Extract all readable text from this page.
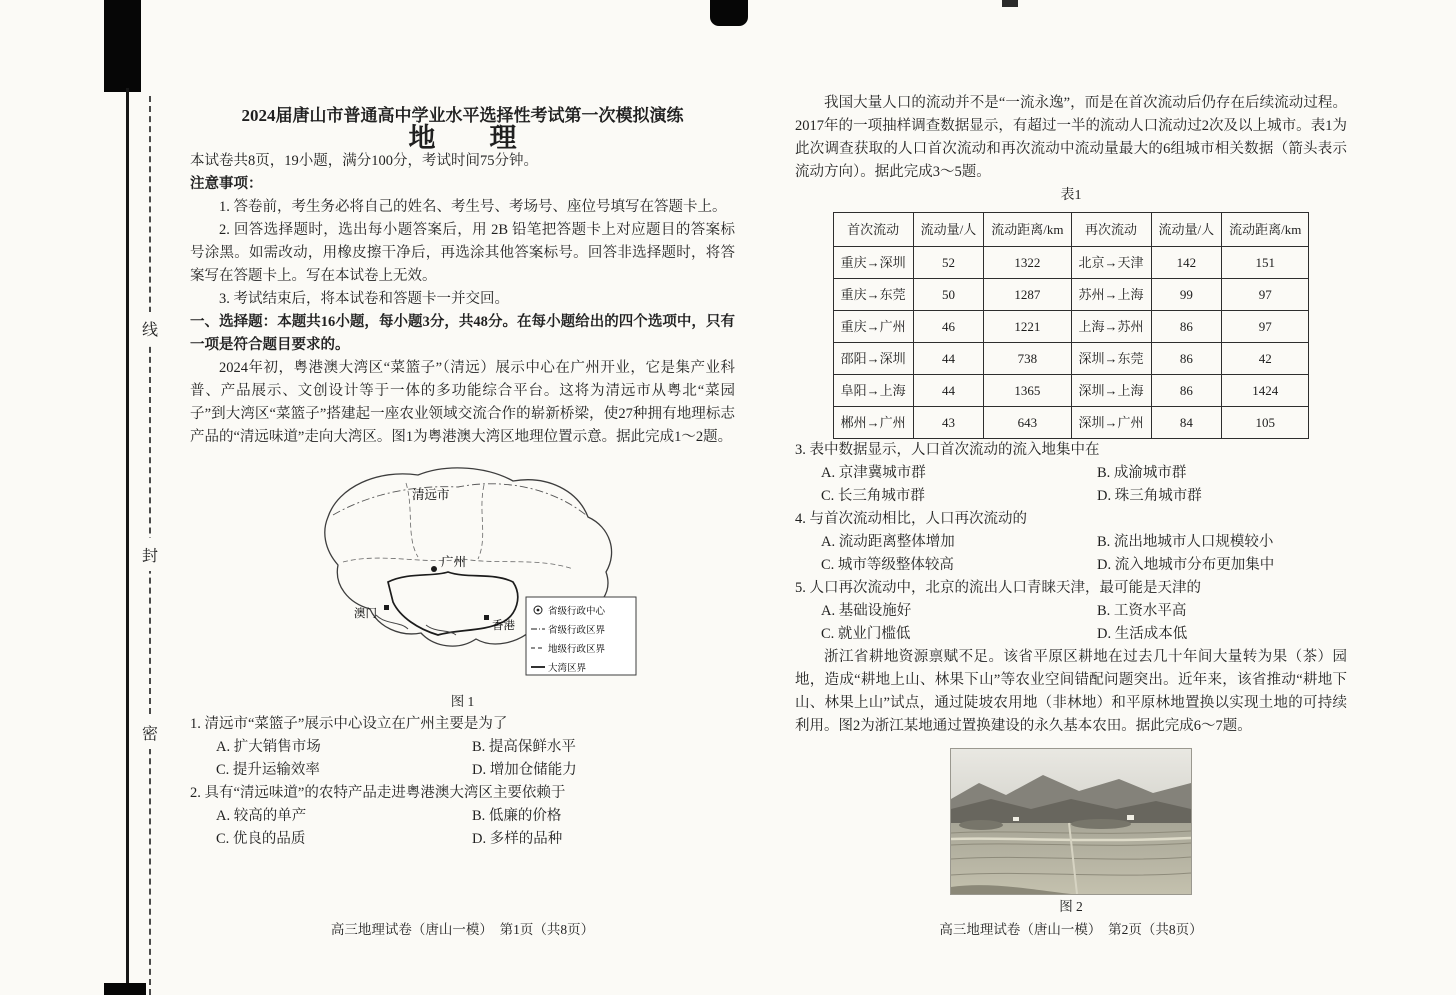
线
封
密

2024届唐山市普通高中学业水平选择性考试第一次模拟演练

地　　理

本试卷共8页，19小题，满分100分，考试时间75分钟。

注意事项：

1. 答卷前，考生务必将自己的姓名、考生号、考场号、座位号填写在答题卡上。

2. 回答选择题时，选出每小题答案后，用 2B 铅笔把答题卡上对应题目的答案标号涂黑。如需改动，用橡皮擦干净后，再选涂其他答案标号。回答非选择题时，将答案写在答题卡上。写在本试卷上无效。

3. 考试结束后，将本试卷和答题卡一并交回。

一、选择题：本题共16小题，每小题3分，共48分。在每小题给出的四个选项中，只有一项是符合题目要求的。

2024年初，粤港澳大湾区“菜篮子”（清远）展示中心在广州开业，它是集产业科普、产品展示、文创设计等于一体的多功能综合平台。这将为清远市从粤北“菜园子”到大湾区“菜篮子”搭建起一座农业领域交流合作的崭新桥梁，使27种拥有地理标志产品的“清远味道”走向大湾区。图1为粤港澳大湾区地理位置示意。据此完成1～2题。

清远市
广州
澳门
香港
省级行政中心
省级行政区界
地级行政区界
大湾区界

图 1

1. 清远市“菜篮子”展示中心设立在广州主要是为了

A. 扩大销售市场	B. 提高保鲜水平
C. 提升运输效率	D. 增加仓储能力

2. 具有“清远味道”的农特产品走进粤港澳大湾区主要依赖于

A. 较高的单产	B. 低廉的价格
C. 优良的品质	D. 多样的品种
高三地理试卷（唐山一模）　第1页（共8页）

我国大量人口的流动并不是“一流永逸”，而是在首次流动后仍存在后续流动过程。2017年的一项抽样调查数据显示，有超过一半的流动人口流动过2次及以上城市。表1为此次调查获取的人口首次流动和再次流动中流动量最大的6组城市相关数据（箭头表示流动方向）。据此完成3～5题。

表1

首次流动	流动量/人	流动距离/km	再次流动	流动量/人	流动距离/km
重庆→深圳	52	1322	北京→天津	142	151
重庆→东莞	50	1287	苏州→上海	99	97
重庆→广州	46	1221	上海→苏州	86	97
邵阳→深圳	44	738	深圳→东莞	86	42
阜阳→上海	44	1365	深圳→上海	86	1424
郴州→广州	43	643	深圳→广州	84	105

3. 表中数据显示，人口首次流动的流入地集中在

A. 京津冀城市群	B. 成渝城市群
C. 长三角城市群	D. 珠三角城市群

4. 与首次流动相比，人口再次流动的

A. 流动距离整体增加	B. 流出地城市人口规模较小
C. 城市等级整体较高	D. 流入地城市分布更加集中

5. 人口再次流动中，北京的流出人口青睐天津，最可能是天津的

A. 基础设施好	B. 工资水平高
C. 就业门槛低	D. 生活成本低

浙江省耕地资源禀赋不足。该省平原区耕地在过去几十年间大量转为果（茶）园地，造成“耕地上山、林果下山”等农业空间错配问题突出。近年来，该省推动“耕地下山、林果上山”试点，通过陡坡农用地（非林地）和平原林地置换以实现土地的可持续利用。图2为浙江某地通过置换建设的永久基本农田。据此完成6～7题。

图 2

高三地理试卷（唐山一模）　第2页（共8页）
